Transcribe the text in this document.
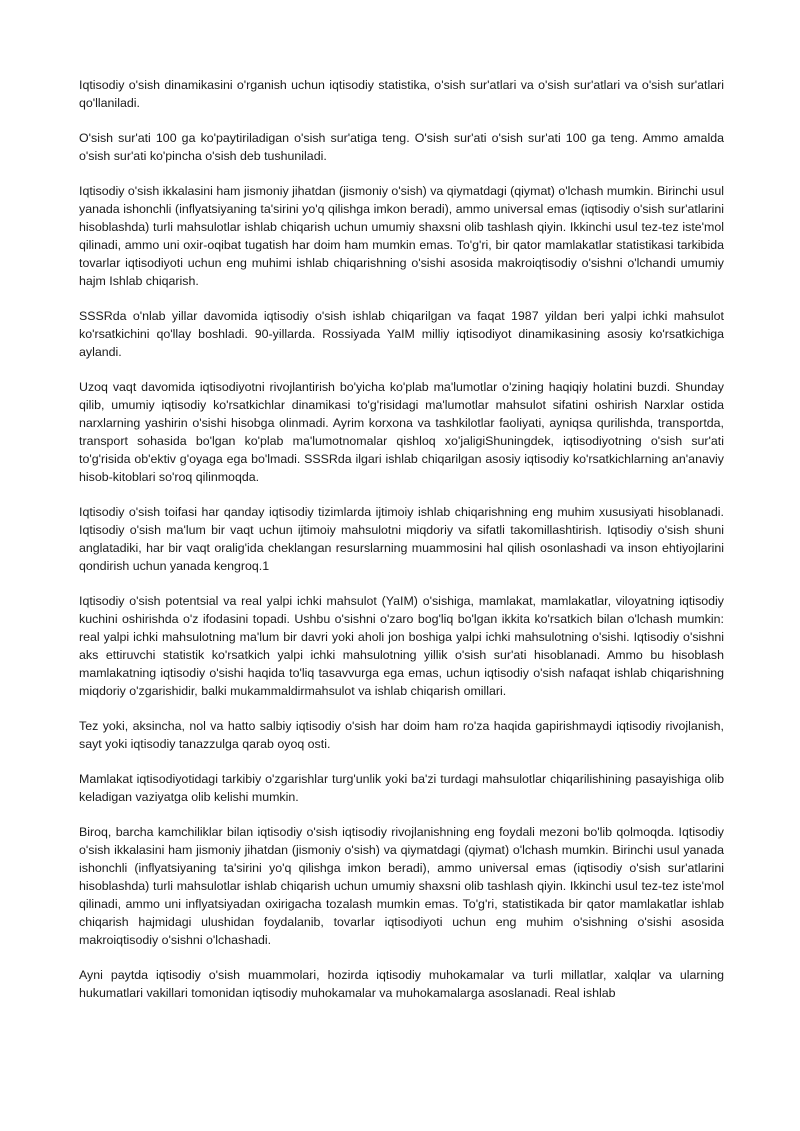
Iqtisodiy o'sish dinamikasini o'rganish uchun iqtisodiy statistika, o'sish sur'atlari va o'sish sur'atlari va o'sish sur'atlari qo'llaniladi.

O'sish sur'ati 100 ga ko'paytiriladigan o'sish sur'atiga teng. O'sish sur'ati o'sish sur'ati 100 ga teng. Ammo amalda o'sish sur'ati ko'pincha o'sish deb tushuniladi.

Iqtisodiy o'sish ikkalasini ham jismoniy jihatdan (jismoniy o'sish) va qiymatdagi (qiymat) o'lchash mumkin. Birinchi usul yanada ishonchli (inflyatsiyaning ta'sirini yo'q qilishga imkon beradi), ammo universal emas (iqtisodiy o'sish sur'atlarini hisoblashda) turli mahsulotlar ishlab chiqarish uchun umumiy shaxsni olib tashlash qiyin. Ikkinchi usul tez-tez iste'mol qilinadi, ammo uni oxir-oqibat tugatish har doim ham mumkin emas. To'g'ri, bir qator mamlakatlar statistikasi tarkibida tovarlar iqtisodiyoti uchun eng muhimi ishlab chiqarishning o'sishi asosida makroiqtisodiy o'sishni o'lchandi umumiy hajm Ishlab chiqarish.

SSSRda o'nlab yillar davomida iqtisodiy o'sish ishlab chiqarilgan va faqat 1987 yildan beri yalpi ichki mahsulot ko'rsatkichini qo'llay boshladi. 90-yillarda. Rossiyada YaIM milliy iqtisodiyot dinamikasining asosiy ko'rsatkichiga aylandi.

Uzoq vaqt davomida iqtisodiyotni rivojlantirish bo'yicha ko'plab ma'lumotlar o'zining haqiqiy holatini buzdi. Shunday qilib, umumiy iqtisodiy ko'rsatkichlar dinamikasi to'g'risidagi ma'lumotlar mahsulot sifatini oshirish Narxlar ostida narxlarning yashirin o'sishi hisobga olinmadi. Ayrim korxona va tashkilotlar faoliyati, ayniqsa qurilishda, transportda, transport sohasida bo'lgan ko'plab ma'lumotnomalar qishloq xo'jaligiShuningdek, iqtisodiyotning o'sish sur'ati to'g'risida ob'ektiv g'oyaga ega bo'lmadi. SSSRda ilgari ishlab chiqarilgan asosiy iqtisodiy ko'rsatkichlarning an'anaviy hisob-kitoblari so'roq qilinmoqda.

Iqtisodiy o'sish toifasi har qanday iqtisodiy tizimlarda ijtimoiy ishlab chiqarishning eng muhim xususiyati hisoblanadi. Iqtisodiy o'sish ma'lum bir vaqt uchun ijtimoiy mahsulotni miqdoriy va sifatli takomillashtirish. Iqtisodiy o'sish shuni anglatadiki, har bir vaqt oralig'ida cheklangan resurslarning muammosini hal qilish osonlashadi va inson ehtiyojlarini qondirish uchun yanada kengroq.1

Iqtisodiy o'sish potentsial va real yalpi ichki mahsulot (YaIM) o'sishiga, mamlakat, mamlakatlar, viloyatning iqtisodiy kuchini oshirishda o'z ifodasini topadi. Ushbu o'sishni o'zaro bog'liq bo'lgan ikkita ko'rsatkich bilan o'lchash mumkin: real yalpi ichki mahsulotning ma'lum bir davri yoki aholi jon boshiga yalpi ichki mahsulotning o'sishi. Iqtisodiy o'sishni aks ettiruvchi statistik ko'rsatkich yalpi ichki mahsulotning yillik o'sish sur'ati hisoblanadi. Ammo bu hisoblash mamlakatning iqtisodiy o'sishi haqida to'liq tasavvurga ega emas, uchun iqtisodiy o'sish nafaqat ishlab chiqarishning miqdoriy o'zgarishidir, balki mukammaldirmahsulot va ishlab chiqarish omillari.

Tez yoki, aksincha, nol va hatto salbiy iqtisodiy o'sish har doim ham ro'za haqida gapirishmaydi iqtisodiy rivojlanish, sayt yoki iqtisodiy tanazzulga qarab oyoq osti.

Mamlakat iqtisodiyotidagi tarkibiy o'zgarishlar turg'unlik yoki ba'zi turdagi mahsulotlar chiqarilishining pasayishiga olib keladigan vaziyatga olib kelishi mumkin.

Biroq, barcha kamchiliklar bilan iqtisodiy o'sish iqtisodiy rivojlanishning eng foydali mezoni bo'lib qolmoqda. Iqtisodiy o'sish ikkalasini ham jismoniy jihatdan (jismoniy o'sish) va qiymatdagi (qiymat) o'lchash mumkin. Birinchi usul yanada ishonchli (inflyatsiyaning ta'sirini yo'q qilishga imkon beradi), ammo universal emas (iqtisodiy o'sish sur'atlarini hisoblashda) turli mahsulotlar ishlab chiqarish uchun umumiy shaxsni olib tashlash qiyin. Ikkinchi usul tez-tez iste'mol qilinadi, ammo uni inflyatsiyadan oxirigacha tozalash mumkin emas. To'g'ri, statistikada bir qator mamlakatlar ishlab chiqarish hajmidagi ulushidan foydalanib, tovarlar iqtisodiyoti uchun eng muhim o'sishning o'sishi asosida makroiqtisodiy o'sishni o'lchashadi.

Ayni paytda iqtisodiy o'sish muammolari, hozirda iqtisodiy muhokamalar va turli millatlar, xalqlar va ularning hukumatlari vakillari tomonidan iqtisodiy muhokamalar va muhokamalarga asoslanadi. Real ishlab
